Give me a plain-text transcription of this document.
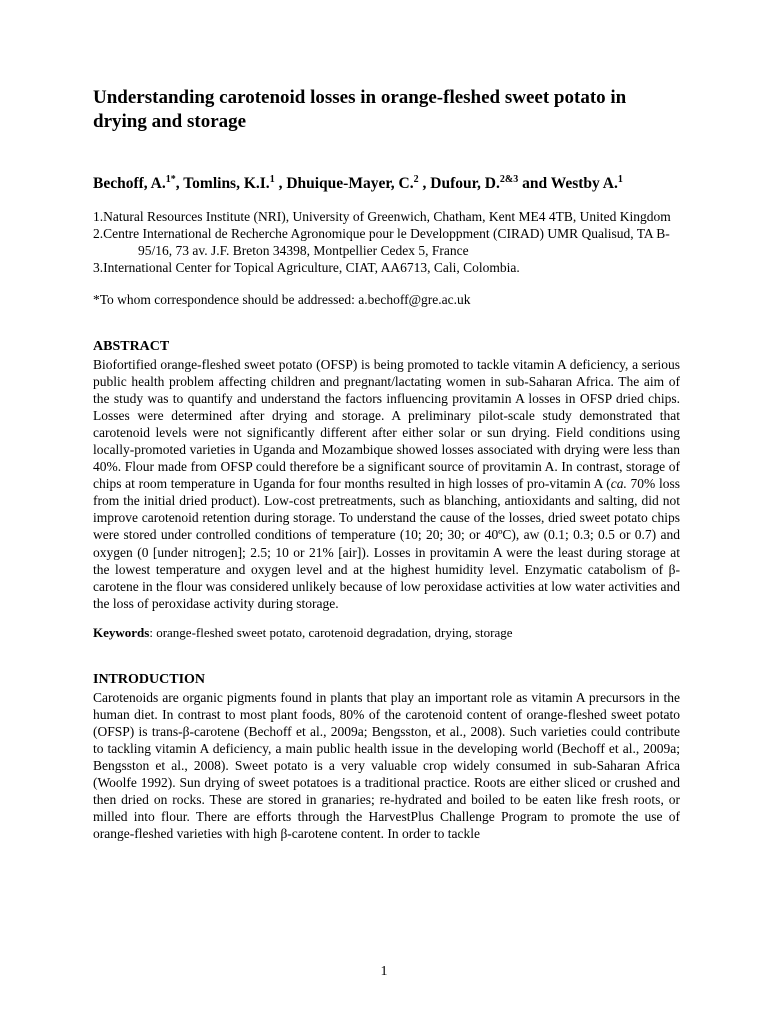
Understanding carotenoid losses in orange-fleshed sweet potato in drying and storage
Bechoff, A.$^{1*}$, Tomlins, K.I.$^1$ , Dhuique-Mayer, C.$^2$ , Dufour, D.$^{2\&3}$ and Westby A.$^1$
1.Natural Resources Institute (NRI), University of Greenwich, Chatham, Kent ME4 4TB, United Kingdom
2.Centre International de Recherche Agronomique pour le Developpment (CIRAD) UMR Qualisud, TA B-95/16, 73 av. J.F. Breton 34398, Montpellier Cedex 5, France
3.International Center for Topical Agriculture, CIAT, AA6713, Cali, Colombia.
*To whom correspondence should be addressed: a.bechoff@gre.ac.uk
ABSTRACT

Biofortified orange-fleshed sweet potato (OFSP) is being promoted to tackle vitamin A deficiency, a serious public health problem affecting children and pregnant/lactating women in sub-Saharan Africa. The aim of the study was to quantify and understand the factors influencing provitamin A losses in OFSP dried chips. Losses were determined after drying and storage. A preliminary pilot-scale study demonstrated that carotenoid levels were not significantly different after either solar or sun drying. Field conditions using locally-promoted varieties in Uganda and Mozambique showed losses associated with drying were less than 40%. Flour made from OFSP could therefore be a significant source of provitamin A. In contrast, storage of chips at room temperature in Uganda for four months resulted in high losses of pro-vitamin A (ca. 70% loss from the initial dried product). Low-cost pretreatments, such as blanching, antioxidants and salting, did not improve carotenoid retention during storage. To understand the cause of the losses, dried sweet potato chips were stored under controlled conditions of temperature (10; 20; 30; or 40ºC), aw (0.1; 0.3; 0.5 or 0.7) and oxygen (0 [under nitrogen]; 2.5; 10 or 21% [air]). Losses in provitamin A were the least during storage at the lowest temperature and oxygen level and at the highest humidity level. Enzymatic catabolism of β-carotene in the flour was considered unlikely because of low peroxidase activities at low water activities and the loss of peroxidase activity during storage.

Keywords: orange-fleshed sweet potato, carotenoid degradation, drying, storage
INTRODUCTION

Carotenoids are organic pigments found in plants that play an important role as vitamin A precursors in the human diet. In contrast to most plant foods, 80% of the carotenoid content of orange-fleshed sweet potato (OFSP) is trans-β-carotene (Bechoff et al., 2009a; Bengsston, et al., 2008). Such varieties could contribute to tackling vitamin A deficiency, a main public health issue in the developing world (Bechoff et al., 2009a; Bengsston et al., 2008). Sweet potato is a very valuable crop widely consumed in sub-Saharan Africa (Woolfe 1992). Sun drying of sweet potatoes is a traditional practice. Roots are either sliced or crushed and then dried on rocks. These are stored in granaries; re-hydrated and boiled to be eaten like fresh roots, or milled into flour. There are efforts through the HarvestPlus Challenge Program to promote the use of orange-fleshed varieties with high β-carotene content. In order to tackle

1
